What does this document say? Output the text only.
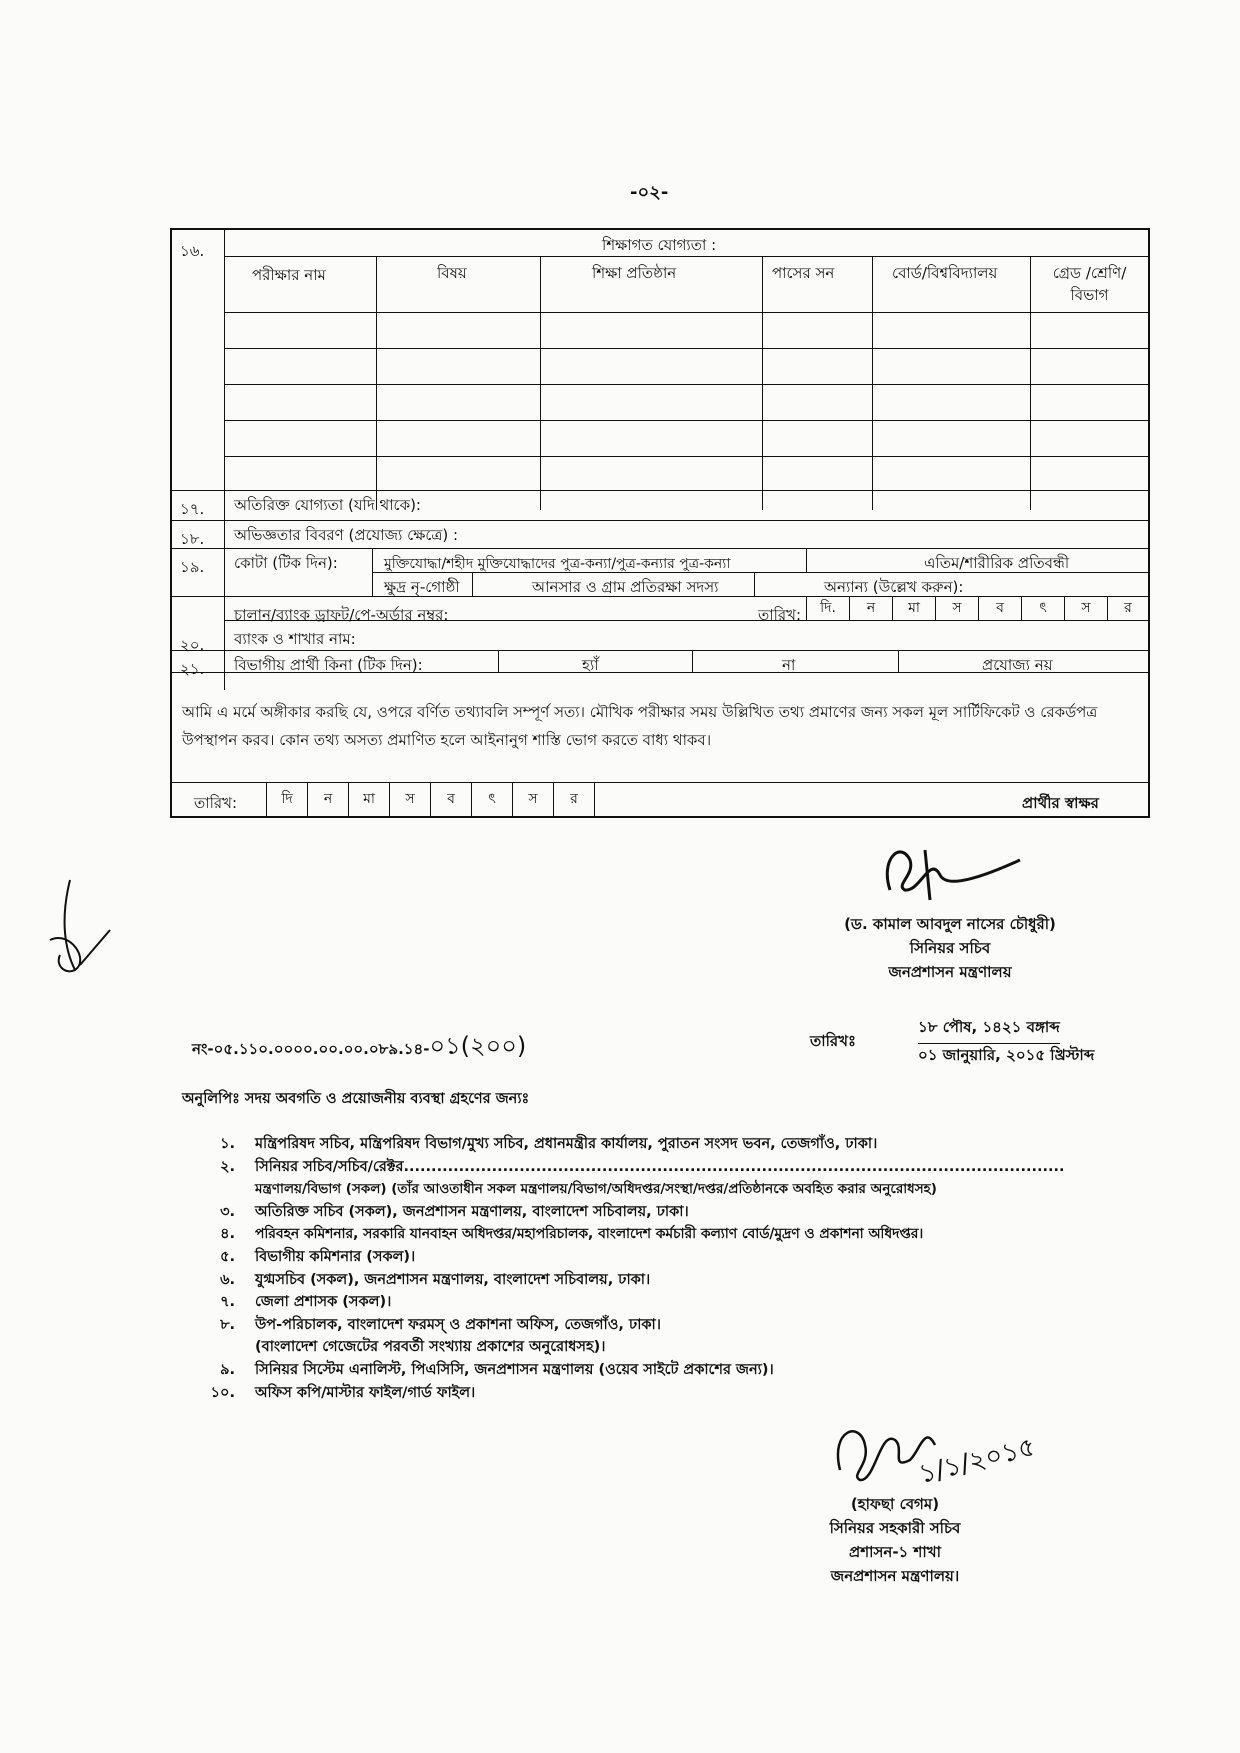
-০২-
১৬.	শিক্ষাগত যোগ্যতা :
পরীক্ষার নাম	বিষয়	শিক্ষা প্রতিষ্ঠান	পাসের সন	বোর্ড/বিশ্ববিদ্যালয়	গ্রেড /শ্রেণি/ বিভাগ
১৭. অতিরিক্ত যোগ্যতা (যদি থাকে):
১৮. অভিজ্ঞতার বিবরণ (প্রযোজ্য ক্ষেত্রে) :
১৯. কোটা (টিক দিন):	মুক্তিযোদ্ধা/শহীদ মুক্তিযোদ্ধাদের পুত্র-কন্যা/পুত্র-কন্যার পুত্র-কন্যা	এতিম/শারীরিক প্রতিবন্ধী
ক্ষুদ্র নৃ-গোষ্ঠী	আনসার ও গ্রাম প্রতিরক্ষা সদস্য	অন্যান্য (উল্লেখ করুন):
চালান/ব্যাংক ড্রাফট/পে-অর্ডার নম্বর:	তারিখ:	দি.	ন	মা	স	ব	ৎ	স	র
২০. ব্যাংক ও শাখার নাম:
২১. বিভাগীয় প্রার্থী কিনা (টিক দিন):	হ্যাঁ	না	প্রযোজ্য নয়
আমি এ মর্মে অঙ্গীকার করছি যে, ওপরে বর্ণিত তথ্যাবলি সম্পূর্ণ সত্য। মৌখিক পরীক্ষার সময় উল্লিখিত তথ্য প্রমাণের জন্য সকল মূল সার্টিফিকেট ও রেকর্ডপত্র উপস্থাপন করব। কোন তথ্য অসত্য প্রমাণিত হলে আইনানুগ শাস্তি ভোগ করতে বাধ্য থাকব।
তারিখ:	দি	ন	মা	স	ব	ৎ	স	র	প্রার্থীর স্বাক্ষর
(ড. কামাল আবদুল নাসের চৌধুরী)
সিনিয়র সচিব
জনপ্রশাসন মন্ত্রণালয়
নং-০৫.১১০.০০০০.০০.০০.০৮৯.১৪-০১(২০০)	তারিখঃ
১৮ পৌষ, ১৪২১ বঙ্গাব্দ
০১ জানুয়ারি, ২০১৫ খ্রিস্টাব্দ
অনুলিপিঃ সদয় অবগতি ও প্রয়োজনীয় ব্যবস্থা গ্রহণের জন্যঃ
১. মন্ত্রিপরিষদ সচিব, মন্ত্রিপরিষদ বিভাগ/মুখ্য সচিব, প্রধানমন্ত্রীর কার্যালয়, পুরাতন সংসদ ভবন, তেজগাঁও, ঢাকা।
২. সিনিয়র সচিব/সচিব/রেক্টর........................................................................................................................
মন্ত্রণালয়/বিভাগ (সকল) (তাঁর আওতাধীন সকল মন্ত্রণালয়/বিভাগ/অধিদপ্তর/সংস্থা/দপ্তর/প্রতিষ্ঠানকে অবহিত করার অনুরোধসহ)
৩. অতিরিক্ত সচিব (সকল), জনপ্রশাসন মন্ত্রণালয়, বাংলাদেশ সচিবালয়, ঢাকা।
৪. পরিবহন কমিশনার, সরকারি যানবাহন অধিদপ্তর/মহাপরিচালক, বাংলাদেশ কর্মচারী কল্যাণ বোর্ড/মুদ্রণ ও প্রকাশনা অধিদপ্তর।
৫. বিভাগীয় কমিশনার (সকল)।
৬. যুগ্মসচিব (সকল), জনপ্রশাসন মন্ত্রণালয়, বাংলাদেশ সচিবালয়, ঢাকা।
৭. জেলা প্রশাসক (সকল)।
৮. উপ-পরিচালক, বাংলাদেশ ফরমস্ ও প্রকাশনা অফিস, তেজগাঁও, ঢাকা।
(বাংলাদেশ গেজেটের পরবর্তী সংখ্যায় প্রকাশের অনুরোধসহ)।
৯. সিনিয়র সিস্টেম এনালিস্ট, পিএসিসি, জনপ্রশাসন মন্ত্রণালয় (ওয়েব সাইটে প্রকাশের জন্য)।
১০. অফিস কপি/মাস্টার ফাইল/গার্ড ফাইল।
১/১/২০১৫
(হাফছা বেগম)
সিনিয়র সহকারী সচিব
প্রশাসন-১ শাখা
জনপ্রশাসন মন্ত্রণালয়।
